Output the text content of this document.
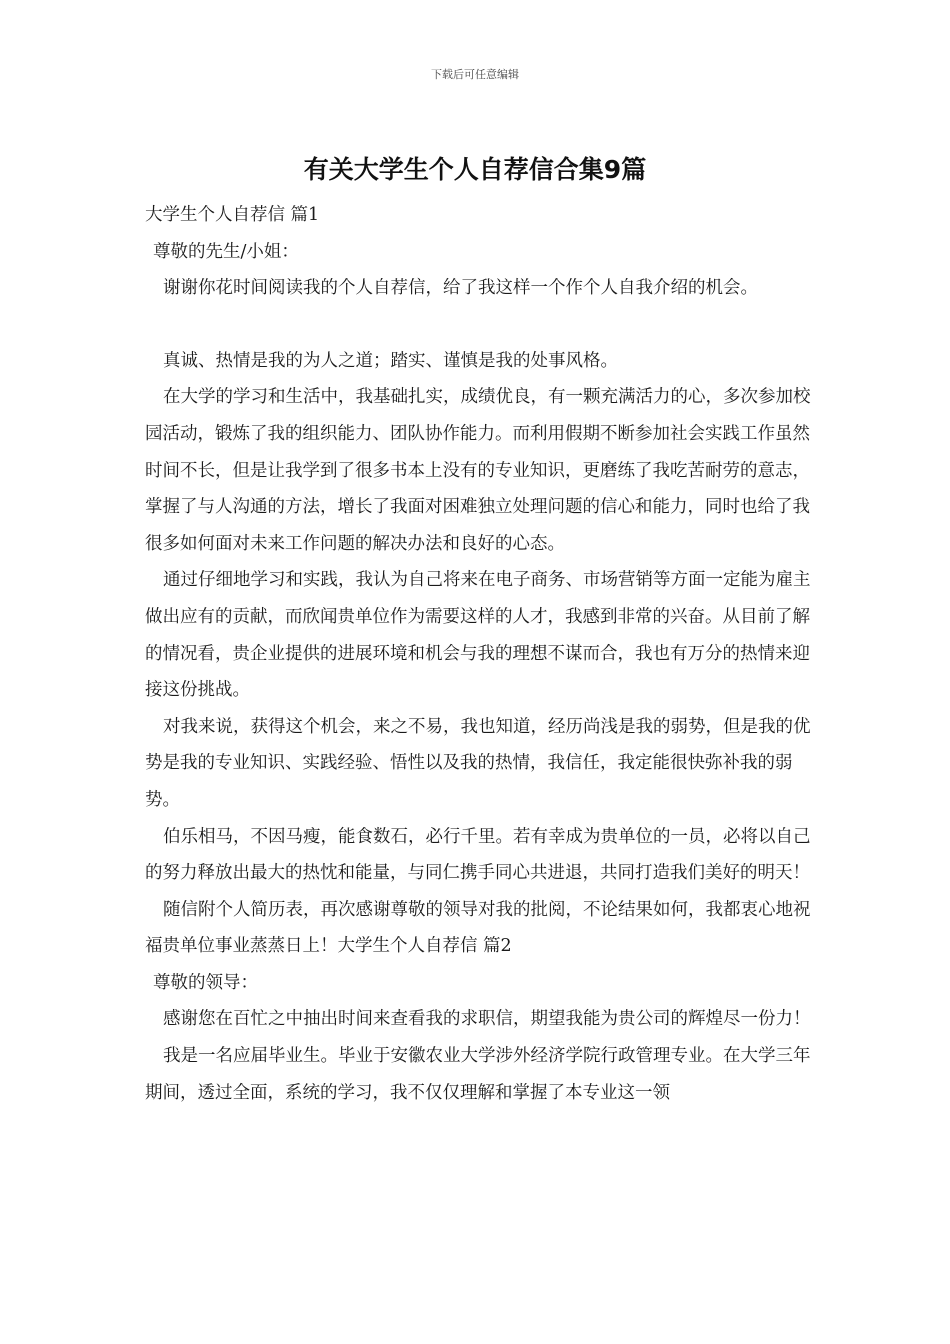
下载后可任意编辑
有关大学生个人自荐信合集9篇

大学生个人自荐信 篇1

尊敬的先生/小姐：

谢谢你花时间阅读我的个人自荐信，给了我这样一个作个人自我介绍的机会。

真诚、热情是我的为人之道；踏实、谨慎是我的处事风格。

在大学的学习和生活中，我基础扎实，成绩优良，有一颗充满活力的心，多次参加校园活动，锻炼了我的组织能力、团队协作能力。而利用假期不断参加社会实践工作虽然时间不长，但是让我学到了很多书本上没有的专业知识，更磨练了我吃苦耐劳的意志，掌握了与人沟通的方法，增长了我面对困难独立处理问题的信心和能力，同时也给了我很多如何面对未来工作问题的解决办法和良好的心态。

通过仔细地学习和实践，我认为自己将来在电子商务、市场营销等方面一定能为雇主做出应有的贡献，而欣闻贵单位作为需要这样的人才，我感到非常的兴奋。从目前了解的情况看，贵企业提供的进展环境和机会与我的理想不谋而合，我也有万分的热情来迎接这份挑战。

对我来说，获得这个机会，来之不易，我也知道，经历尚浅是我的弱势，但是我的优势是我的专业知识、实践经验、悟性以及我的热情，我信任，我定能很快弥补我的弱势。

伯乐相马，不因马瘦，能食数石，必行千里。若有幸成为贵单位的一员，必将以自己的努力释放出最大的热忱和能量，与同仁携手同心共进退，共同打造我们美好的明天！

随信附个人简历表，再次感谢尊敬的领导对我的批阅，不论结果如何，我都衷心地祝福贵单位事业蒸蒸日上！大学生个人自荐信 篇2

尊敬的领导：

感谢您在百忙之中抽出时间来查看我的求职信，期望我能为贵公司的辉煌尽一份力！

我是一名应届毕业生。毕业于安徽农业大学涉外经济学院行政管理专业。在大学三年期间，透过全面，系统的学习，我不仅仅理解和掌握了本专业这一领
